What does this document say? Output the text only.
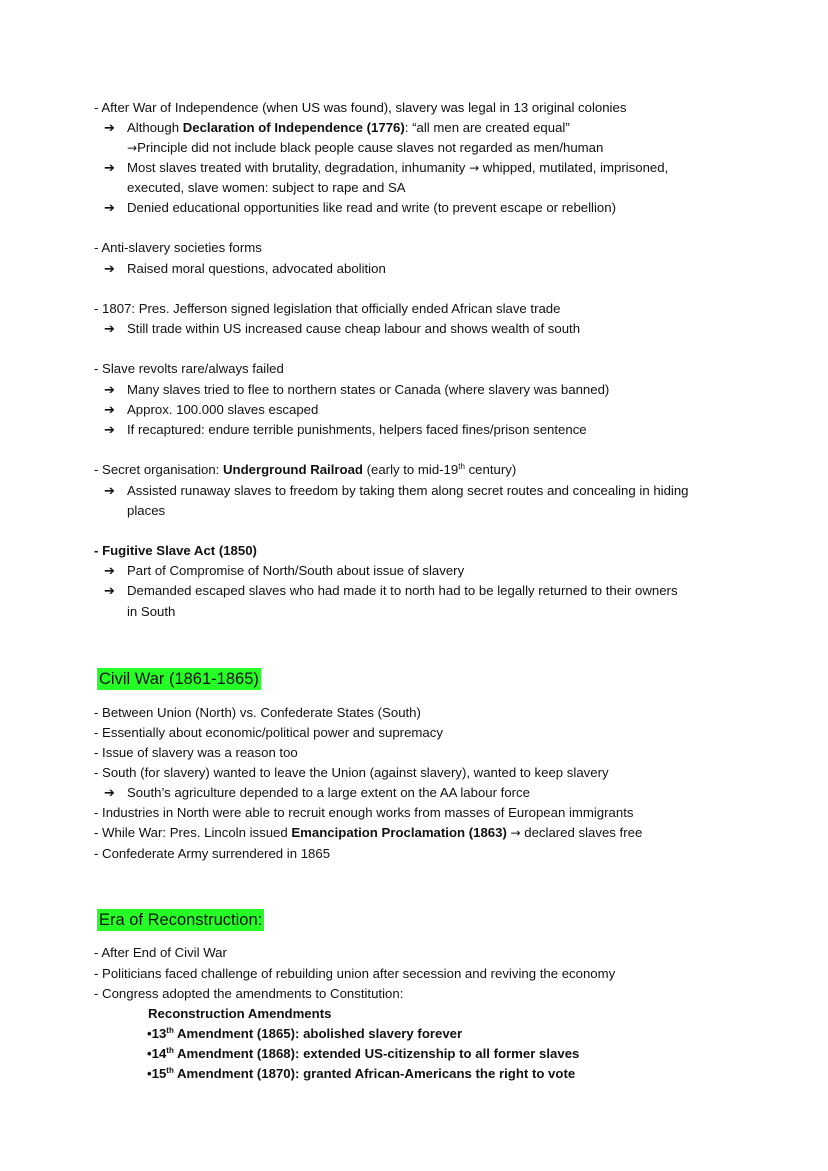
- After War of Independence (when US was found), slavery was legal in 13 original colonies
➔ Although Declaration of Independence (1776): “all men are created equal”
→Principle did not include black people cause slaves not regarded as men/human
➔ Most slaves treated with brutality, degradation, inhumanity → whipped, mutilated, imprisoned,
executed, slave women: subject to rape and SA
➔ Denied educational opportunities like read and write (to prevent escape or rebellion)
- Anti-slavery societies forms
➔ Raised moral questions, advocated abolition
- 1807: Pres. Jefferson signed legislation that officially ended African slave trade
➔ Still trade within US increased cause cheap labour and shows wealth of south
- Slave revolts rare/always failed
➔ Many slaves tried to flee to northern states or Canada (where slavery was banned)
➔ Approx. 100.000 slaves escaped
➔ If recaptured: endure terrible punishments, helpers faced fines/prison sentence
- Secret organisation: Underground Railroad (early to mid-19th century)
➔ Assisted runaway slaves to freedom by taking them along secret routes and concealing in hiding
places
- Fugitive Slave Act (1850)
➔ Part of Compromise of North/South about issue of slavery
➔ Demanded escaped slaves who had made it to north had to be legally returned to their owners
in South
Civil War (1861-1865)
- Between Union (North) vs. Confederate States (South)
- Essentially about economic/political power and supremacy
- Issue of slavery was a reason too
- South (for slavery) wanted to leave the Union (against slavery), wanted to keep slavery
➔ South’s agriculture depended to a large extent on the AA labour force
- Industries in North were able to recruit enough works from masses of European immigrants
- While War: Pres. Lincoln issued Emancipation Proclamation (1863) → declared slaves free
- Confederate Army surrendered in 1865
Era of Reconstruction:
- After End of Civil War
- Politicians faced challenge of rebuilding union after secession and reviving the economy
- Congress adopted the amendments to Constitution:
Reconstruction Amendments
•13th Amendment (1865): abolished slavery forever
•14th Amendment (1868): extended US-citizenship to all former slaves
•15th Amendment (1870): granted African-Americans the right to vote
